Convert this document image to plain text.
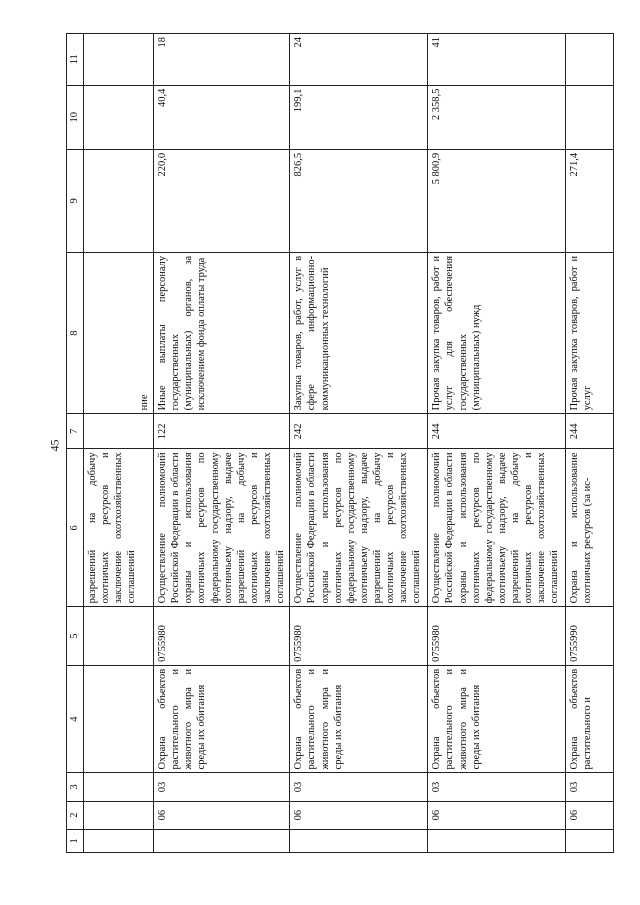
45
1	2	3	4	5	6	7	8	9	10	11
					разрешений на добычу охотничьих ресурсов и заключение охотхозяйственных соглашений		ние			
	06	03	Охрана объектов растительного и животного мира и среды их обитания	0755980	Осуществление полномочий Российской Федерации в области охраны и использования охотничьих ресурсов по федеральному государственному охотничьему надзору, выдаче разрешений на добычу охотничьих ресурсов и заключение охотхозяйственных соглашений	122	Иные выплаты персоналу государственных (муниципальных) органов, за исключением фонда оплаты труда	220,0	40,4	18
	06	03	Охрана объектов растительного и животного мира и среды их обитания	0755980	Осуществление полномочий Российской Федерации в области охраны и использования охотничьих ресурсов по федеральному государственному охотничьему надзору, выдаче разрешений на добычу охотничьих ресурсов и заключение охотхозяйственных соглашений	242	Закупка товаров, работ, услуг в сфере информационно-коммуникационных технологий	826,5	199,1	24
	06	03	Охрана объектов растительного и животного мира и среды их обитания	0755980	Осуществление полномочий Российской Федерации в области охраны и использования охотничьих ресурсов по федеральному государственному охотничьему надзору, выдаче разрешений на добычу охотничьих ресурсов и заключение охотхозяйственных соглашений	244	Прочая закупка товаров, работ и услуг для обеспечения государственных (муниципальных) нужд	5 800,9	2 358,5	41
	06	03	Охрана объектов растительного и	0755990	Охрана и использование охотничьих ресурсов (за ис-	244	Прочая закупка товаров, работ и услуг	271,4		
